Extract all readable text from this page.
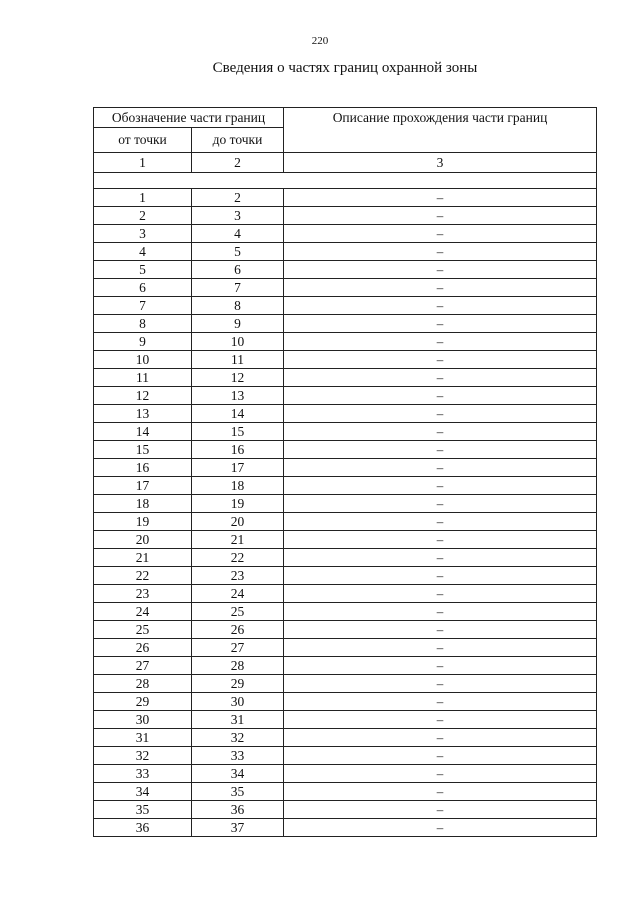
220
Сведения о частях границ охранной зоны
Обозначение части границ		Описание прохождения части границ
от точки	до точки	
1	2	3

1	2	–
2	3	–
3	4	–
4	5	–
5	6	–
6	7	–
7	8	–
8	9	–
9	10	–
10	11	–
11	12	–
12	13	–
13	14	–
14	15	–
15	16	–
16	17	–
17	18	–
18	19	–
19	20	–
20	21	–
21	22	–
22	23	–
23	24	–
24	25	–
25	26	–
26	27	–
27	28	–
28	29	–
29	30	–
30	31	–
31	32	–
32	33	–
33	34	–
34	35	–
35	36	–
36	37	–
